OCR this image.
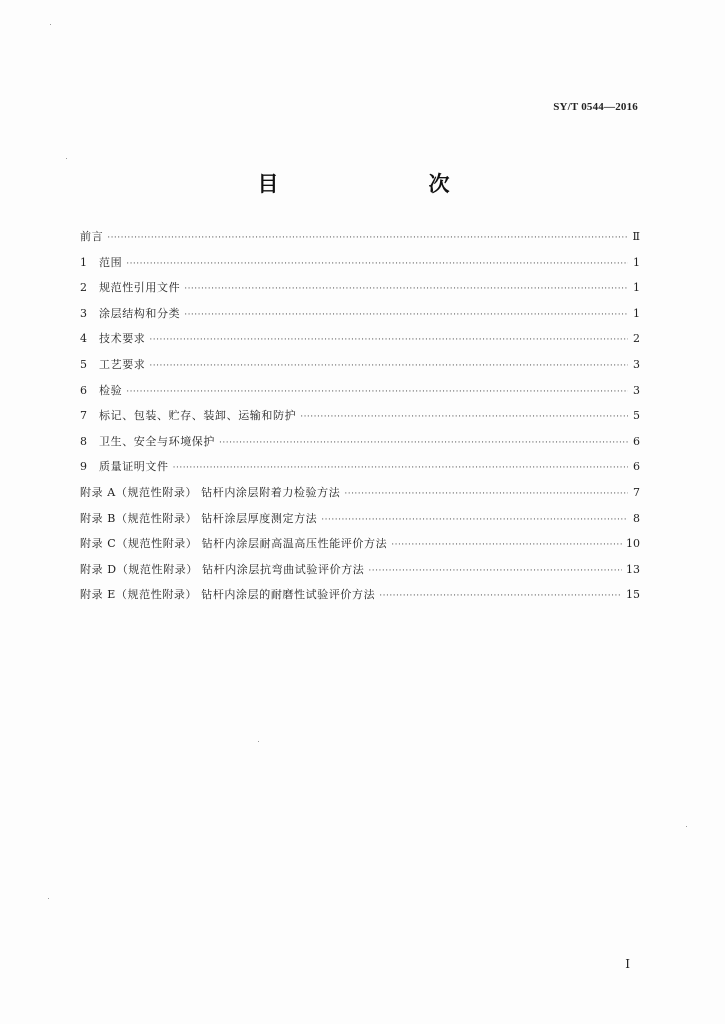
SY/T 0544—2016
目　　次
前言 ·····	Ⅱ
1	范围 ·····	1
2	规范性引用文件 ·····	1
3	涂层结构和分类 ·····	1
4	技术要求 ·····	2
5	工艺要求 ·····	3
6	检验 ·····	3
7	标记、包装、贮存、装卸、运输和防护 ·····	5
8	卫生、安全与环境保护 ·····	6
9	质量证明文件 ·····	6
附录 A（规范性附录） 钻杆内涂层附着力检验方法 ·····	7
附录 B（规范性附录） 钻杆涂层厚度测定方法 ·····	8
附录 C（规范性附录） 钻杆内涂层耐高温高压性能评价方法 ·····	10
附录 D（规范性附录） 钻杆内涂层抗弯曲试验评价方法 ·····	13
附录 E（规范性附录） 钻杆内涂层的耐磨性试验评价方法 ·····	15
I
